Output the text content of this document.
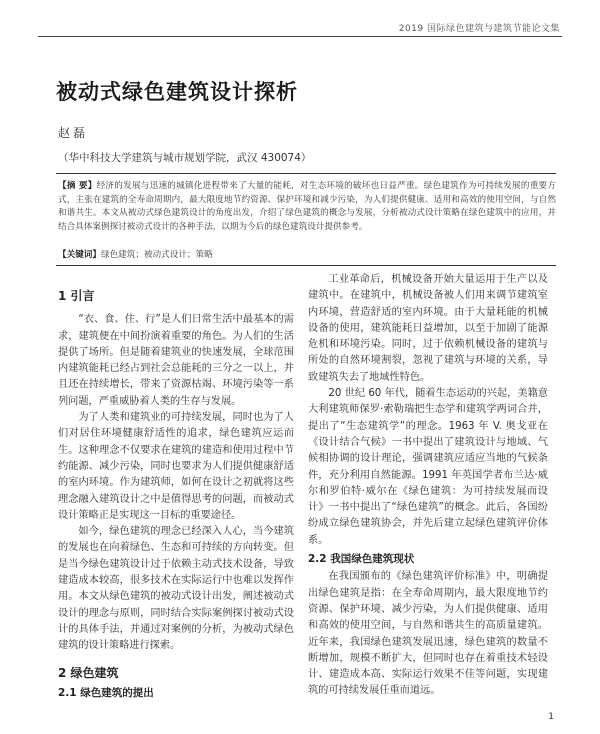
2019 国际绿色建筑与建筑节能论文集
被动式绿色建筑设计探析
赵磊
（华中科技大学建筑与城市规划学院，武汉 430074）
【摘 要】经济的发展与迅速的城镇化进程带来了大量的能耗，对生态环境的破坏也日益严重。绿色建筑作为可持续发展的重要方式，主张在建筑的全寿命周期内，最大限度地节约资源、保护环境和减少污染，为人们提供健康、适用和高效的使用空间，与自然和谐共生。本文从被动式绿色建筑设计的角度出发，介绍了绿色建筑的概念与发展，分析被动式设计策略在绿色建筑中的应用，并结合具体案例探讨被动式设计的各种手法，以期为今后的绿色建筑设计提供参考。
【关键词】绿色建筑；被动式设计；策略

1 引言

“衣、食、住、行”是人们日常生活中最基本的需求，建筑便在中间扮演着重要的角色。为人们的生活提供了场所。但是随着建筑业的快速发展，全球范围内建筑能耗已经占到社会总能耗的三分之一以上，并且还在持续增长，带来了资源枯竭、环境污染等一系列问题，严重威胁着人类的生存与发展。

为了人类和建筑业的可持续发展，同时也为了人们对居住环境健康舒适性的追求，绿色建筑应运而生。这种理念不仅要求在建筑的建造和使用过程中节约能源、减少污染，同时也要求为人们提供健康舒适的室内环境。作为建筑师，如何在设计之初就将这些理念融入建筑设计之中是值得思考的问题，而被动式设计策略正是实现这一目标的重要途径。

如今，绿色建筑的理念已经深入人心，当今建筑的发展也在向着绿色、生态和可持续的方向转变。但是当今绿色建筑设计过于依赖主动式技术设备，导致建造成本较高，很多技术在实际运行中也难以发挥作用。本文从绿色建筑的被动式设计出发，阐述被动式设计的理念与原则，同时结合实际案例探讨被动式设计的具体手法，并通过对案例的分析，为被动式绿色建筑的设计策略进行探索。

2 绿色建筑

2.1 绿色建筑的提出

工业革命后，机械设备开始大量运用于生产以及建筑中。在建筑中，机械设备被人们用来调节建筑室内环境，营造舒适的室内环境。由于大量耗能的机械设备的使用，建筑能耗日益增加，以至于加剧了能源危机和环境污染。同时，过于依赖机械设备的建筑与所处的自然环境割裂，忽视了建筑与环境的关系，导致建筑失去了地域性特色。

20 世纪 60 年代，随着生态运动的兴起，美籍意大利建筑师保罗·索勒瑞把生态学和建筑学两词合并，提出了“生态建筑学”的理念。1963 年 V. 奥戈亚在《设计结合气候》一书中提出了建筑设计与地域、气候相协调的设计理论，强调建筑应适应当地的气候条件，充分利用自然能源。1991 年英国学者布兰达·威尔和罗伯特·威尔在《绿色建筑：为可持续发展而设计》一书中提出了“绿色建筑”的概念。此后，各国纷纷成立绿色建筑协会，并先后建立起绿色建筑评价体系。

2.2 我国绿色建筑现状

在我国颁布的《绿色建筑评价标准》中，明确提出绿色建筑是指：在全寿命周期内，最大限度地节约资源、保护环境、减少污染，为人们提供健康、适用和高效的使用空间，与自然和谐共生的高质量建筑。近年来，我国绿色建筑发展迅速，绿色建筑的数量不断增加，规模不断扩大，但同时也存在着重技术轻设计、建造成本高、实际运行效果不佳等问题，实现建筑的可持续发展任重而道远。

1
